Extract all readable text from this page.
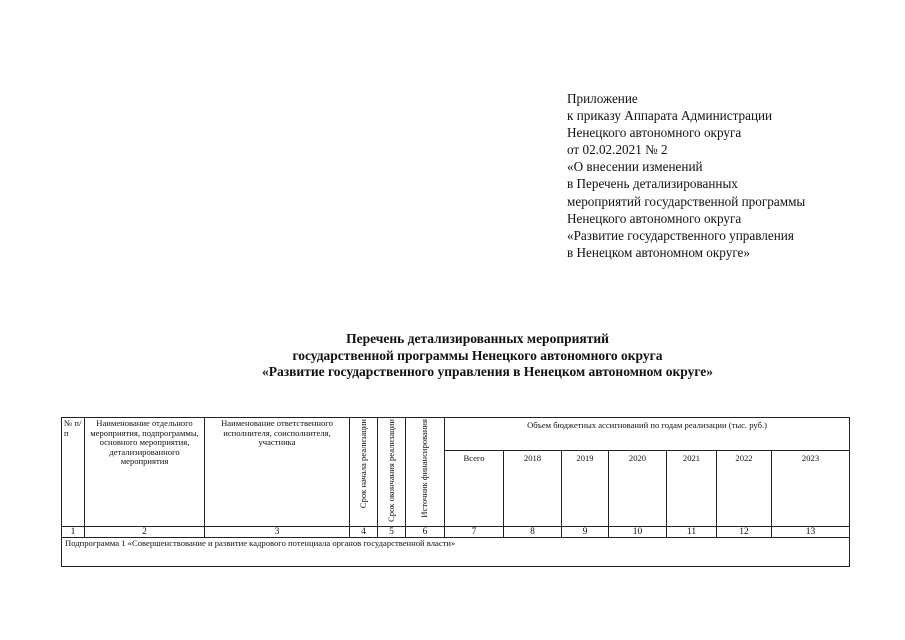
Приложение
к приказу Аппарата Администрации
Ненецкого автономного округа
от 02.02.2021 № 2
«О внесении изменений
в Перечень детализированных
мероприятий государственной программы
Ненецкого автономного округа
«Развитие государственного управления
в Ненецком автономном округе»
Перечень детализированных мероприятий
государственной программы Ненецкого автономного округа
«Развитие государственного управления в Ненецком автономном округе»
№ п/п	Наименование отдельного мероприятия, подпрограммы, основного мероприятия, детализированного мероприятия	Наименование ответственного исполнителя, соисполнителя, участника	Срок начала реализации	Срок окончания реализации	Источник финансирования	Объем бюджетных ассигнований по годам реализации (тыс. руб.)						
						Всего	2018	2019	2020	2021	2022	2023
1	2	3	4	5	6	7	8	9	10	11	12	13
Подпрограмма 1 «Совершенствование и развитие кадрового потенциала органов государственной власти»												
